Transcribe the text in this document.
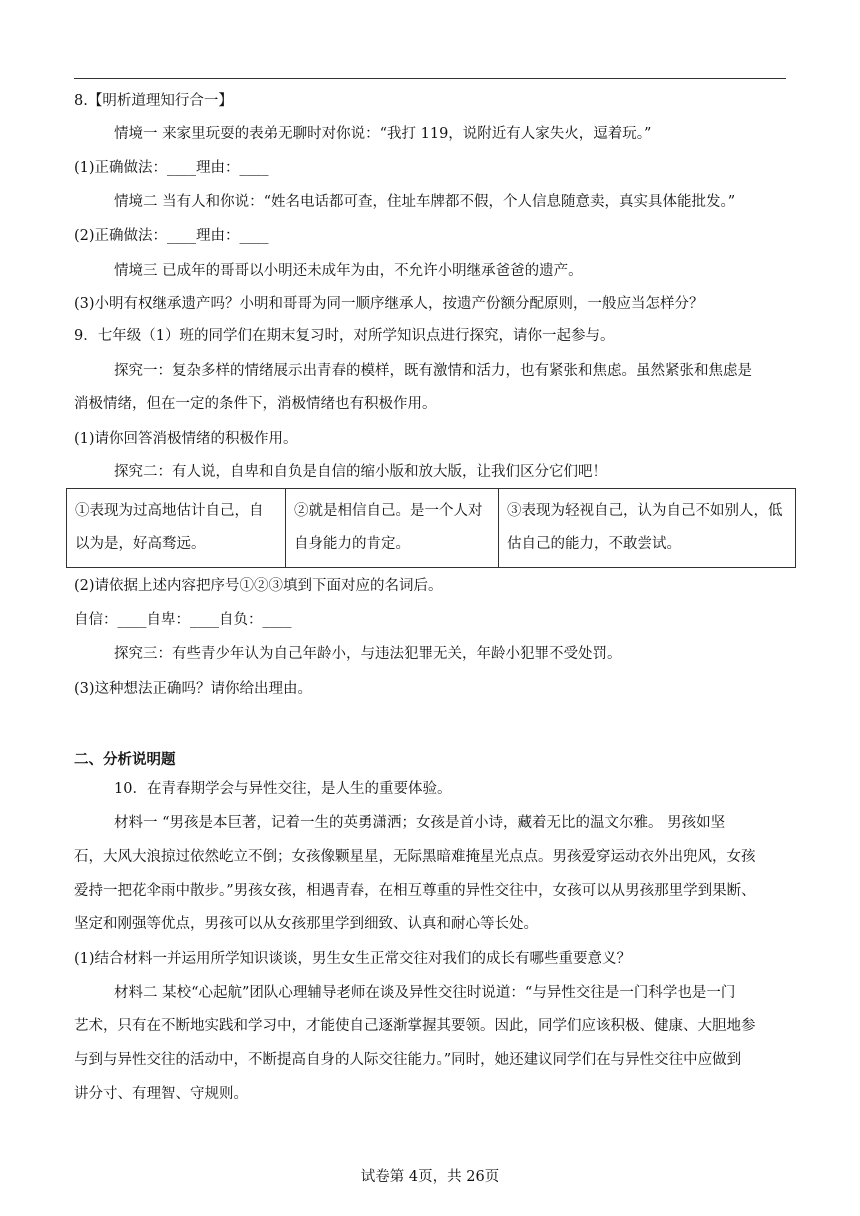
8.【明析道理知行合一】
情境一 来家里玩耍的表弟无聊时对你说：“我打 119，说附近有人家失火，逗着玩。”
(1)正确做法：____理由：____
情境二 当有人和你说：“姓名电话都可查，住址车牌都不假，个人信息随意卖，真实具体能批发。”
(2)正确做法：____理由：____
情境三 已成年的哥哥以小明还未成年为由，不允许小明继承爸爸的遗产。
(3)小明有权继承遗产吗？小明和哥哥为同一顺序继承人，按遗产份额分配原则，一般应当怎样分？
9．七年级（1）班的同学们在期末复习时，对所学知识点进行探究，请你一起参与。
探究一：复杂多样的情绪展示出青春的模样，既有激情和活力，也有紧张和焦虑。虽然紧张和焦虑是
消极情绪，但在一定的条件下，消极情绪也有积极作用。
(1)请你回答消极情绪的积极作用。
探究二：有人说，自卑和自负是自信的缩小版和放大版，让我们区分它们吧！
①表现为过高地估计自己，自以为是，好高骛远。	②就是相信自己。是一个人对自身能力的肯定。	③表现为轻视自己，认为自己不如别人，低估自己的能力，不敢尝试。
(2)请依据上述内容把序号①②③填到下面对应的名词后。
自信：____自卑：____自负：____
探究三：有些青少年认为自己年龄小，与违法犯罪无关，年龄小犯罪不受处罚。
(3)这种想法正确吗？请你给出理由。
二、分析说明题
10．在青春期学会与异性交往，是人生的重要体验。
材料一 “男孩是本巨著，记着一生的英勇潇洒；女孩是首小诗，藏着无比的温文尔雅。 男孩如坚
石，大风大浪掠过依然屹立不倒；女孩像颗星星，无际黑暗难掩星光点点。男孩爱穿运动衣外出兜风，女孩
爱持一把花伞雨中散步。”男孩女孩，相遇青春，在相互尊重的异性交往中，女孩可以从男孩那里学到果断、
坚定和刚强等优点，男孩可以从女孩那里学到细致、认真和耐心等长处。
(1)结合材料一并运用所学知识谈谈，男生女生正常交往对我们的成长有哪些重要意义？
材料二 某校“心起航”团队心理辅导老师在谈及异性交往时说道：“与异性交往是一门科学也是一门
艺术，只有在不断地实践和学习中，才能使自己逐渐掌握其要领。因此，同学们应该积极、健康、大胆地参
与到与异性交往的活动中，不断提高自身的人际交往能力。”同时，她还建议同学们在与异性交往中应做到
讲分寸、有理智、守规则。
试卷第 4页，共 26页
